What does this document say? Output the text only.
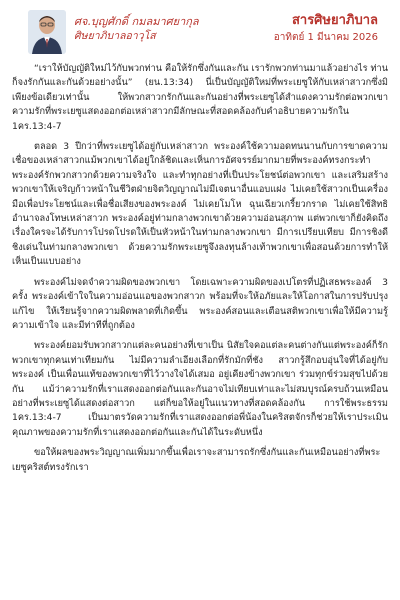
ศจ.บุญศักดิ์ กมลมาศยากุล
ศิษยาภิบาลอาวุโส
สารศิษยาภิบาล
อาทิตย์ 1 มีนาคม 2026

“เราให้บัญญัติใหม่ไว้กับพวกท่าน คือให้รักซึ่งกันและกัน เรารักพวกท่านมาแล้วอย่างไร ท่านก็จงรักกันและกันด้วยอย่างนั้น” (ยน.13:34) นี่เป็นบัญญัติใหม่ที่พระเยซูให้กับเหล่าสาวกซึ่งมิเพียงข้อเดียวเท่านั้น ให้พวกสาวกรักกันและกันอย่างที่พระเยซูได้สำแดงความรักต่อพวกเขา ความรักที่พระเยซูแสดงออกต่อเหล่าสาวกมีลักษณะที่สอดคล้องกับคำอธิบายความรักใน 1คร.13:4-7

ตลอด 3 ปีกว่าที่พระเยซูได้อยู่กับเหล่าสาวก พระองค์ใช้ความอดทนนานกับการขาดความเชื่อของเหล่าสาวกแม้พวกเขาได้อยู่ใกล้ชิดและเห็นการอัศจรรย์มากมายที่พระองค์ทรงกระทำ พระองค์รักพวกสาวกด้วยความจริงใจ และทำทุกอย่างที่เป็นประโยชน์ต่อพวกเขา และเสริมสร้างพวกเขาให้เจริญก้าวหน้าในชีวิตฝ่ายจิตวิญญาณไม่มีเจตนาอื่นแอบแฝง ไม่เคยใช้สาวกเป็นเครื่องมือเพื่อประโยชน์และเพื่อชื่อเสียงของพระองค์ ไม่เคยโมโห ฉุนเฉียวเกรี้ยวกราด ไม่เคยใช้สิทธิอำนาจลงโทษเหล่าสาวก พระองค์อยู่ท่ามกลางพวกเขาด้วยความอ่อนสุภาพ แต่พวกเขาก็ยังคิดถึงเรื่องใครจะได้รับการโปรดโปรดให้เป็นหัวหน้าในท่ามกลางพวกเขา มีการเปรียบเทียบ มีการชิงดีชิงเด่นในท่ามกลางพวกเขา ด้วยความรักพระเยซูจึงลงทุนล้างเท้าพวกเขาเพื่อสอนด้วยการทำให้เห็นเป็นแบบอย่าง

พระองค์ไม่จดจำความผิดของพวกเขา โดยเฉพาะความผิดของเปโตรที่ปฏิเสธพระองค์ 3 ครั้ง พระองค์เข้าใจในความอ่อนแอของพวกสาวก พร้อมที่จะให้อภัยและให้โอกาสในการปรับปรุงแก้ไข ให้เรียนรู้จากความผิดพลาดที่เกิดขึ้น พระองค์สอนและเตือนสติพวกเขาเพื่อให้มีความรู้ความเข้าใจ และมีท่าทีที่ถูกต้อง

พระองค์ยอมรับพวกสาวกแต่ละคนอย่างที่เขาเป็น นิสัยใจคอแต่ละคนต่างกันแต่พระองค์ก็รักพวกเขาทุกคนเท่าเทียมกัน ไม่มีความลำเอียงเลือกที่รักมักที่ชัง สาวกรู้สึกอบอุ่นใจที่ได้อยู่กับพระองค์ เป็นเพื่อนแท้ของพวกเขาที่ไว้วางใจได้เสมอ อยู่เคียงข้างพวกเขา ร่วมทุกข์ร่วมสุขไปด้วยกัน แม้ว่าความรักที่เราแสดงออกต่อกันและกันอาจไม่เทียบเท่าและไม่สมบูรณ์ครบถ้วนเหมือนอย่างที่พระเยซูได้แสดงต่อสาวก แต่ก็ขอให้อยู่ในแนวทางที่สอดคล้องกัน การใช้พระธรรม 1คร.13:4-7 เป็นมาตรวัดความรักที่เราแสดงออกต่อพี่น้องในคริสตจักรก็ช่วยให้เราประเมินคุณภาพของความรักที่เราแสดงออกต่อกันและกันได้ในระดับหนึ่ง

ขอให้ผลของพระวิญญาณเพิ่มมากขึ้นเพื่อเราจะสามารถรักซึ่งกันและกันเหมือนอย่างที่พระเยซูคริสต์ทรงรักเรา
